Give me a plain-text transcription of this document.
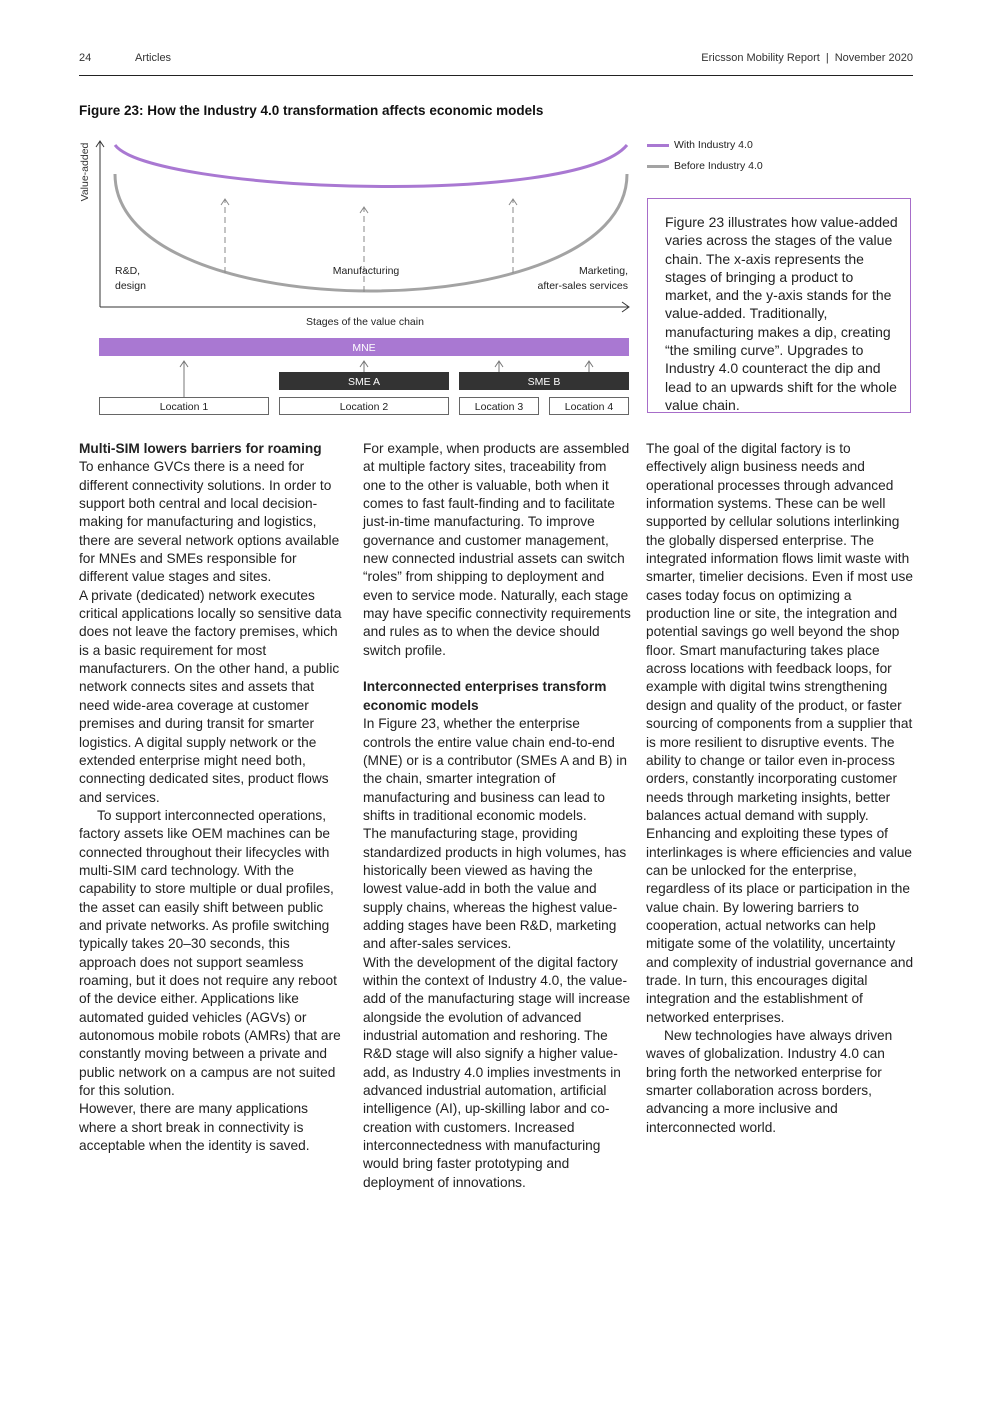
24	Articles	Ericsson Mobility Report | November 2020
Figure 23: How the Industry 4.0 transformation affects economic models
Value-added
R&D,
design
Manufacturing	Marketing,
after-sales services
Stages of the value chain
MNE
SME A	SME B
Location 1	Location 2	Location 3	Location 4
With Industry 4.0
Before Industry 4.0
Figure 23 illustrates how value-added varies across the stages of the value chain. The x-axis represents the stages of bringing a product to market, and the y-axis stands for the value-added. Traditionally, manufacturing makes a dip, creating “the smiling curve”. Upgrades to Industry 4.0 counteract the dip and lead to an upwards shift for the whole value chain.

Multi-SIM lowers barriers for roaming

To enhance GVCs there is a need for different connectivity solutions. In order to support both central and local decision-making for manufacturing and logistics, there are several network options available for MNEs and SMEs responsible for different value stages and sites.

A private (dedicated) network executes critical applications locally so sensitive data does not leave the factory premises, which is a basic requirement for most manufacturers. On the other hand, a public network connects sites and assets that need wide-area coverage at customer premises and during transit for smarter logistics. A digital supply network or the extended enterprise might need both, connecting dedicated sites, product flows and services.

To support interconnected operations, factory assets like OEM machines can be connected throughout their lifecycles with multi-SIM card technology. With the capability to store multiple or dual profiles, the asset can easily shift between public and private networks. As profile switching typically takes 20–30 seconds, this approach does not support seamless roaming, but it does not require any reboot of the device either. Applications like automated guided vehicles (AGVs) or autonomous mobile robots (AMRs) that are constantly moving between a private and public network on a campus are not suited for this solution.

However, there are many applications where a short break in connectivity is acceptable when the identity is saved.

For example, when products are assembled at multiple factory sites, traceability from one to the other is valuable, both when it comes to fast fault-finding and to facilitate just-in-time manufacturing. To improve governance and customer management, new connected industrial assets can switch “roles” from shipping to deployment and even to service mode. Naturally, each stage may have specific connectivity requirements and rules as to when the device should switch profile.

Interconnected enterprises transform economic models

In Figure 23, whether the enterprise controls the entire value chain end-to-end (MNE) or is a contributor (SMEs A and B) in the chain, smarter integration of manufacturing and business can lead to shifts in traditional economic models.

The manufacturing stage, providing standardized products in high volumes, has historically been viewed as having the lowest value-add in both the value and supply chains, whereas the highest value-adding stages have been R&D, marketing and after-sales services.

With the development of the digital factory within the context of Industry 4.0, the value-add of the manufacturing stage will increase alongside the evolution of advanced industrial automation and reshoring. The R&D stage will also signify a higher value-add, as Industry 4.0 implies investments in advanced industrial automation, artificial intelligence (AI), up-skilling labor and co-creation with customers. Increased interconnectedness with manufacturing would bring faster prototyping and deployment of innovations.

The goal of the digital factory is to effectively align business needs and operational processes through advanced information systems. These can be well supported by cellular solutions interlinking the globally dispersed enterprise. The integrated information flows limit waste with smarter, timelier decisions. Even if most use cases today focus on optimizing a production line or site, the integration and potential savings go well beyond the shop floor. Smart manufacturing takes place across locations with feedback loops, for example with digital twins strengthening design and quality of the product, or faster sourcing of components from a supplier that is more resilient to disruptive events. The ability to change or tailor even in-process orders, constantly incorporating customer needs through marketing insights, better balances actual demand with supply. Enhancing and exploiting these types of interlinkages is where efficiencies and value can be unlocked for the enterprise, regardless of its place or participation in the value chain. By lowering barriers to cooperation, actual networks can help mitigate some of the volatility, uncertainty and complexity of industrial governance and trade. In turn, this encourages digital integration and the establishment of networked enterprises.

New technologies have always driven waves of globalization. Industry 4.0 can bring forth the networked enterprise for smarter collaboration across borders, advancing a more inclusive and interconnected world.
